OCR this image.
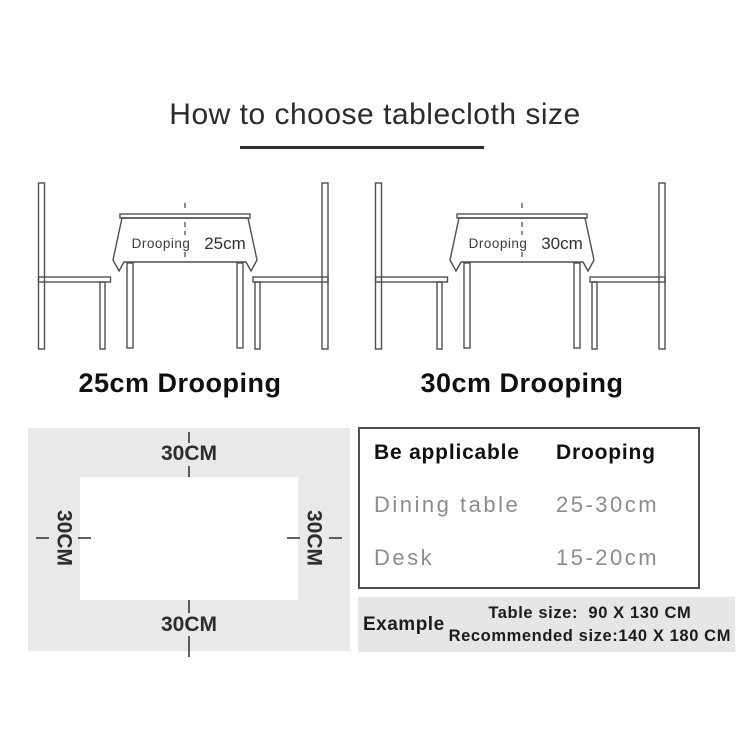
How to choose tablecloth size
Drooping 25cm	Drooping 30cm
25cm Drooping	30cm Drooping
30CM
30CM
30CM	30CM
Be applicable	Drooping
Dining table	25-30cm
Desk	15-20cm
Example
Table size:  90 X 130 CM
Recommended size:140 X 180 CM
